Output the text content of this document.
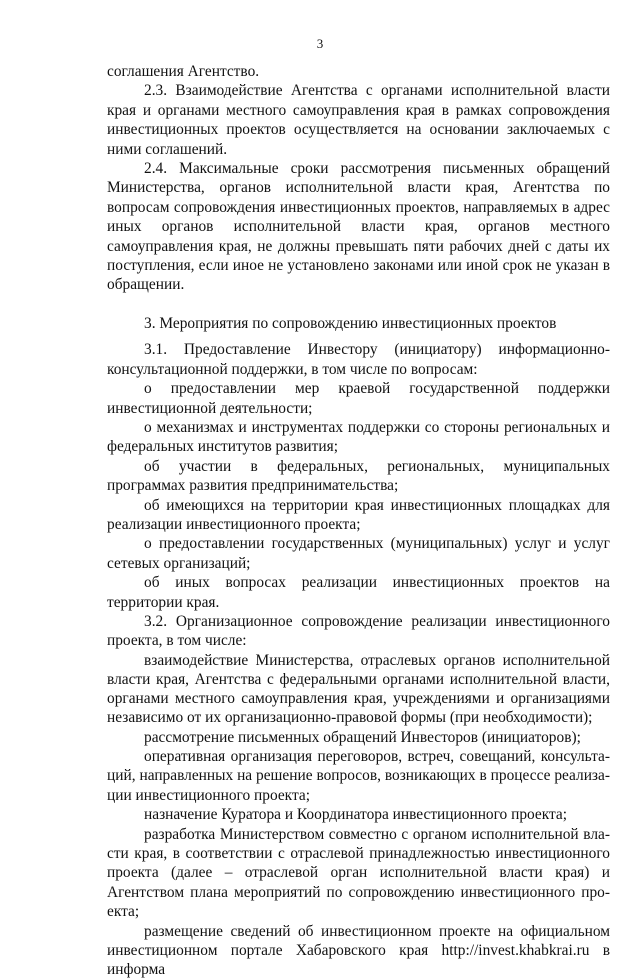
3

соглашения Агентство.

2.3. Взаимодействие Агентства с органами исполнительной власти края и органами местного самоуправления края в рамках сопровождения инвестиционных проектов осуществляется на основании заключаемых с ними соглашений.

2.4. Максимальные сроки рассмотрения письменных обращений Министерства, органов исполнительной власти края, Агентства по вопросам сопровождения инвестиционных проектов, направляемых в адрес иных органов исполнительной власти края, органов местного самоуправления края, не должны превышать пяти рабочих дней с даты их поступления, если иное не установлено законами или иной срок не указан в обращении.

3. Мероприятия по сопровождению инвестиционных проектов

3.1. Предоставление Инвестору (инициатору) информационно-консультационной поддержки, в том числе по вопросам:

о предоставлении мер краевой государственной поддержки инвестиционной деятельности;

о механизмах и инструментах поддержки со стороны региональных и федеральных институтов развития;

об участии в федеральных, региональных, муниципальных программах развития предпринимательства;

об имеющихся на территории края инвестиционных площадках для реализации инвестиционного проекта;

о предоставлении государственных (муниципальных) услуг и услуг сетевых организаций;

об иных вопросах реализации инвестиционных проектов на территории края.

3.2. Организационное сопровождение реализации инвестиционного проекта, в том числе:

взаимодействие Министерства, отраслевых органов исполнительной власти края, Агентства с федеральными органами исполнительной власти, органами местного самоуправления края, учреждениями и организациями независимо от их организационно-правовой формы (при необходимости);

рассмотрение письменных обращений Инвесторов (инициаторов);

оперативная организация переговоров, встреч, совещаний, консультаций, направленных на решение вопросов, возникающих в процессе реализации инвестиционного проекта;

назначение Куратора и Координатора инвестиционного проекта;

разработка Министерством совместно с органом исполнительной власти края, в соответствии с отраслевой принадлежностью инвестиционного проекта (далее – отраслевой орган исполнительной власти края) и Агентством плана мероприятий по сопровождению инвестиционного проекта;

размещение сведений об инвестиционном проекте на официальном инвестиционном портале Хабаровского края http://invest.khabkrai.ru в информа
